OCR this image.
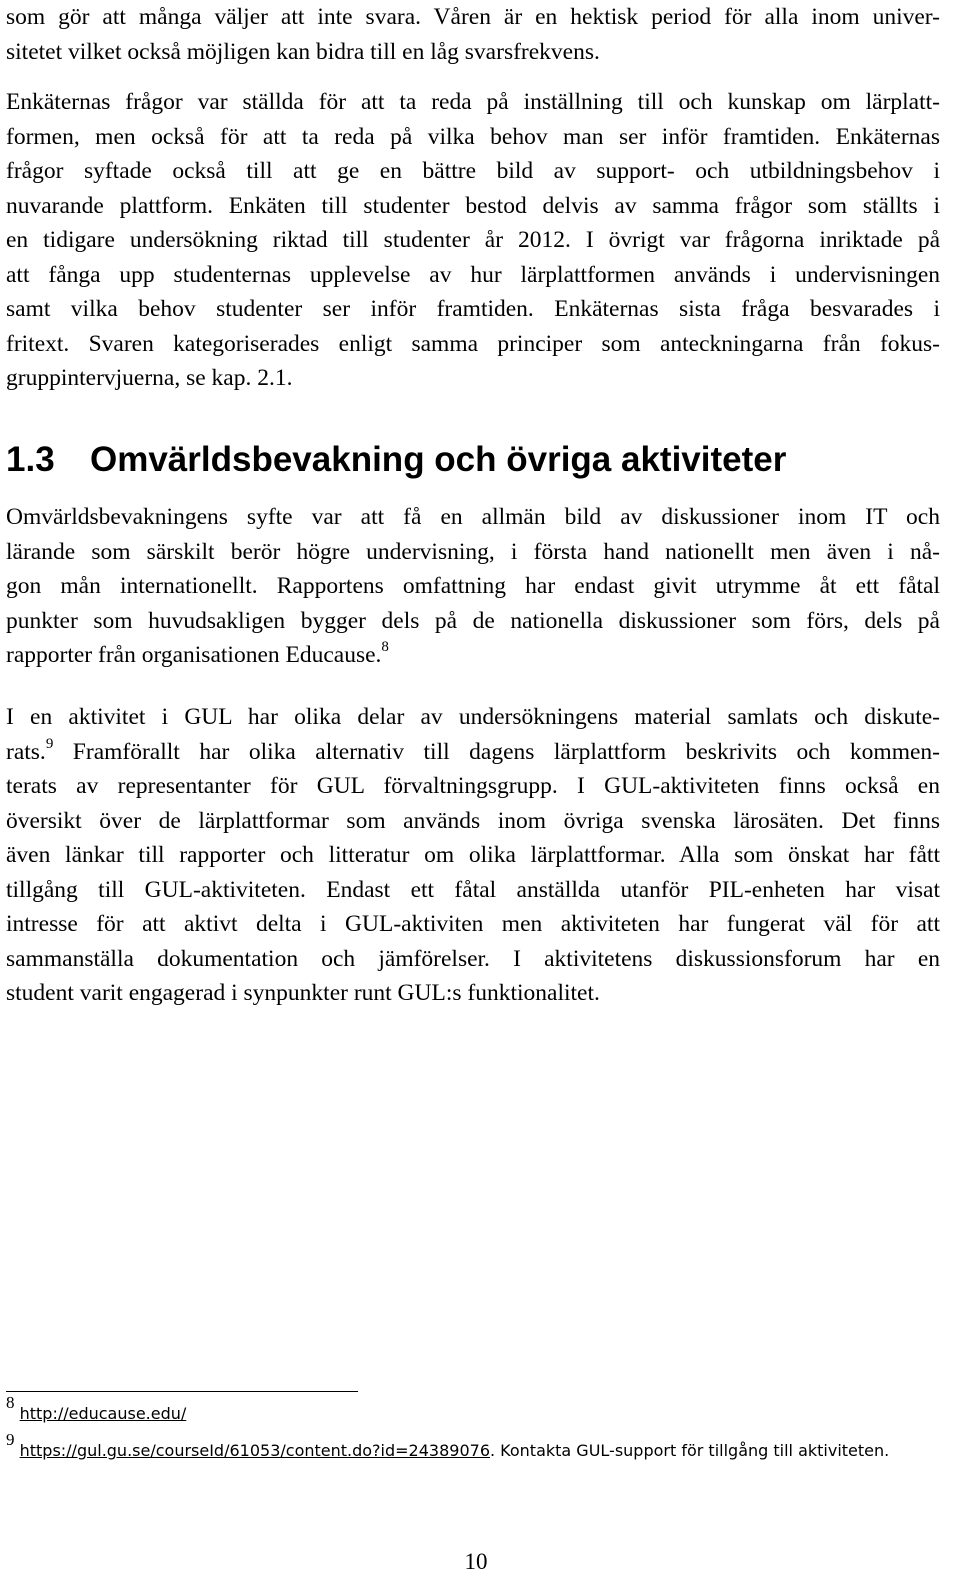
som gör att många väljer att inte svara. Våren är en hektisk period för alla inom univer-
sitetet vilket också möjligen kan bidra till en låg svarsfrekvens.

Enkäternas frågor var ställda för att ta reda på inställning till och kunskap om lärplatt-
formen, men också för att ta reda på vilka behov man ser inför framtiden. Enkäternas
frågor syftade också till att ge en bättre bild av support- och utbildningsbehov i
nuvarande plattform. Enkäten till studenter bestod delvis av samma frågor som ställts i
en tidigare undersökning riktad till studenter år 2012. I övrigt var frågorna inriktade på
att fånga upp studenternas upplevelse av hur lärplattformen används i undervisningen
samt vilka behov studenter ser inför framtiden. Enkäternas sista fråga besvarades i
fritext. Svaren kategoriserades enligt samma principer som anteckningarna från fokus-
gruppintervjuerna, se kap. 2.1.

1.3 Omvärldsbevakning och övriga aktiviteter

Omvärldsbevakningens syfte var att få en allmän bild av diskussioner inom IT och
lärande som särskilt berör högre undervisning, i första hand nationellt men även i nå-
gon mån internationellt. Rapportens omfattning har endast givit utrymme åt ett fåtal
punkter som huvudsakligen bygger dels på de nationella diskussioner som förs, dels på
rapporter från organisationen Educause.$^8$

I en aktivitet i GUL har olika delar av undersökningens material samlats och diskute-
rats.$^9$ Framförallt har olika alternativ till dagens lärplattform beskrivits och kommen-
terats av representanter för GUL förvaltningsgrupp. I GUL-aktiviteten finns också en
översikt över de lärplattformar som används inom övriga svenska lärosäten. Det finns
även länkar till rapporter och litteratur om olika lärplattformar. Alla som önskat har fått
tillgång till GUL-aktiviteten. Endast ett fåtal anställda utanför PIL-enheten har visat
intresse för att aktivt delta i GUL-aktiviten men aktiviteten har fungerat väl för att
sammanställa dokumentation och jämförelser. I aktivitetens diskussionsforum har en
student varit engagerad i synpunkter runt GUL:s funktionalitet.

8 http://educause.edu/

9 https://gul.gu.se/courseId/61053/content.do?id=24389076. Kontakta GUL-support för tillgång till aktiviteten.

10
